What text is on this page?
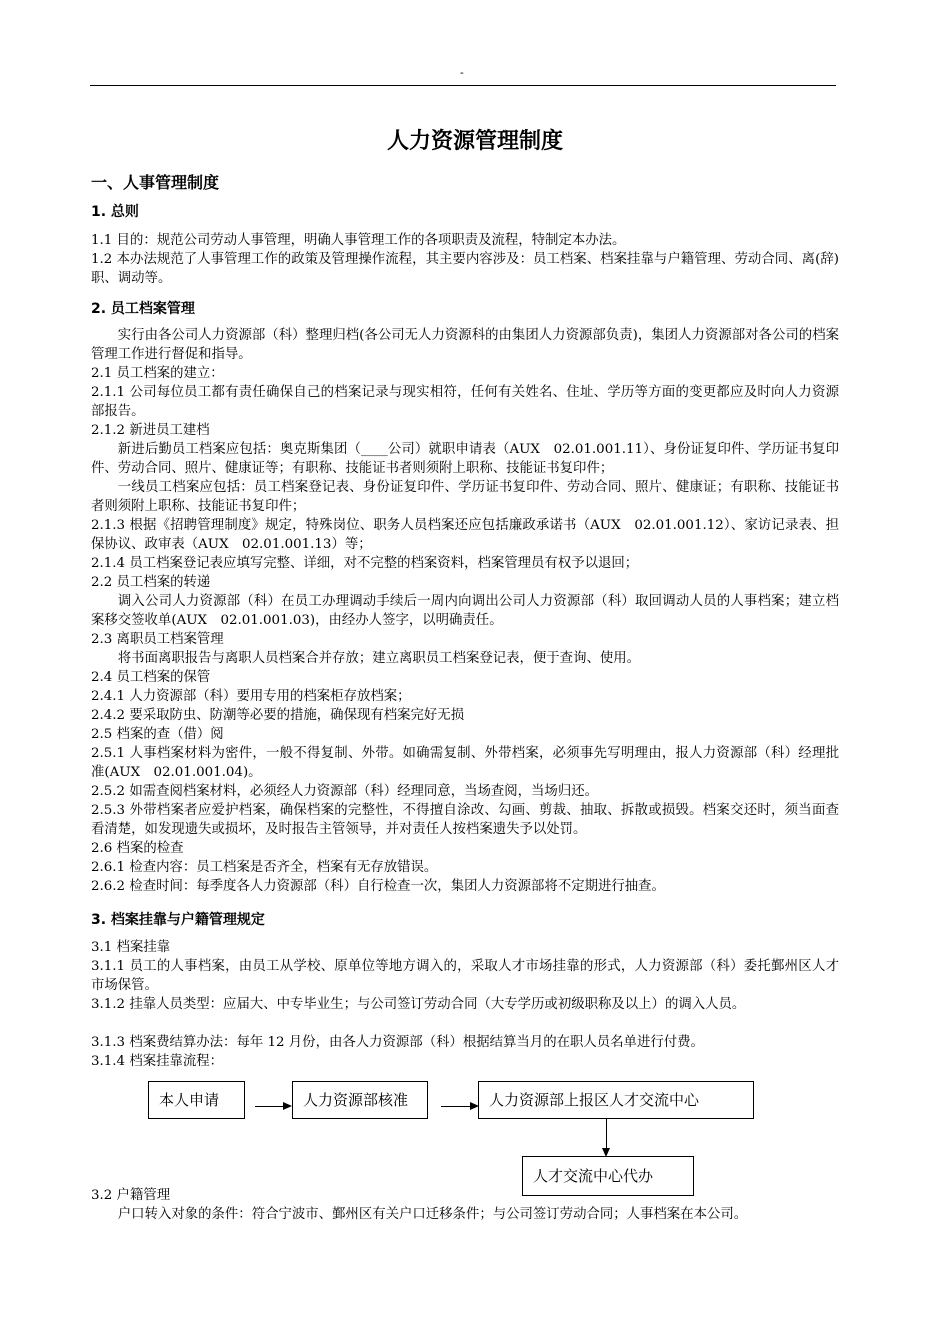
-
人力资源管理制度
一、人事管理制度
1. 总则

1.1 目的：规范公司劳动人事管理，明确人事管理工作的各项职责及流程，特制定本办法。

1.2 本办法规范了人事管理工作的政策及管理操作流程，其主要内容涉及：员工档案、档案挂靠与户籍管理、劳动合同、离(辞)职、调动等。

2. 员工档案管理

实行由各公司人力资源部（科）整理归档(各公司无人力资源科的由集团人力资源部负责)，集团人力资源部对各公司的档案管理工作进行督促和指导。

2.1 员工档案的建立：

2.1.1 公司每位员工都有责任确保自己的档案记录与现实相符，任何有关姓名、住址、学历等方面的变更都应及时向人力资源部报告。

2.1.2 新进员工建档

新进后勤员工档案应包括：奥克斯集团（____公司）就职申请表（AUX　02.01.001.11）、身份证复印件、学历证书复印件、劳动合同、照片、健康证等；有职称、技能证书者则须附上职称、技能证书复印件；

一线员工档案应包括：员工档案登记表、身份证复印件、学历证书复印件、劳动合同、照片、健康证；有职称、技能证书者则须附上职称、技能证书复印件；

2.1.3 根据《招聘管理制度》规定，特殊岗位、职务人员档案还应包括廉政承诺书（AUX　02.01.001.12）、家访记录表、担保协议、政审表（AUX　02.01.001.13）等；

2.1.4 员工档案登记表应填写完整、详细，对不完整的档案资料，档案管理员有权予以退回；

2.2 员工档案的转递

调入公司人力资源部（科）在员工办理调动手续后一周内向调出公司人力资源部（科）取回调动人员的人事档案；建立档案移交签收单(AUX　02.01.001.03)，由经办人签字，以明确责任。

2.3 离职员工档案管理

将书面离职报告与离职人员档案合并存放；建立离职员工档案登记表，便于查询、使用。

2.4 员工档案的保管

2.4.1 人力资源部（科）要用专用的档案柜存放档案；

2.4.2 要采取防虫、防潮等必要的措施，确保现有档案完好无损

2.5 档案的查（借）阅

2.5.1 人事档案材料为密件，一般不得复制、外带。如确需复制、外带档案，必须事先写明理由，报人力资源部（科）经理批准(AUX　02.01.001.04)。

2.5.2 如需查阅档案材料，必须经人力资源部（科）经理同意，当场查阅，当场归还。

2.5.3 外带档案者应爱护档案，确保档案的完整性，不得擅自涂改、勾画、剪裁、抽取、拆散或损毁。档案交还时，须当面查看清楚，如发现遗失或损坏，及时报告主管领导，并对责任人按档案遗失予以处罚。

2.6 档案的检查

2.6.1 检查内容：员工档案是否齐全，档案有无存放错误。

2.6.2 检查时间：每季度各人力资源部（科）自行检查一次，集团人力资源部将不定期进行抽查。

3. 档案挂靠与户籍管理规定

3.1 档案挂靠

3.1.1 员工的人事档案，由员工从学校、原单位等地方调入的，采取人才市场挂靠的形式，人力资源部（科）委托鄞州区人才市场保管。

3.1.2 挂靠人员类型：应届大、中专毕业生；与公司签订劳动合同（大专学历或初级职称及以上）的调入人员。

3.1.3 档案费结算办法：每年 12 月份，由各人力资源部（科）根据结算当月的在职人员名单进行付费。

3.1.4 档案挂靠流程：

本人申请	人力资源部核准	人力资源部上报区人才交流中心
人才交流中心代办

3.2 户籍管理

户口转入对象的条件：符合宁波市、鄞州区有关户口迁移条件；与公司签订劳动合同；人事档案在本公司。
